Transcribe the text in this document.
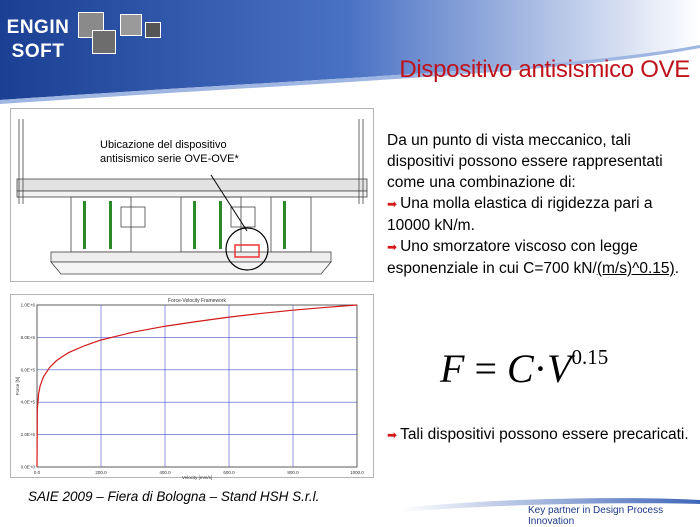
ENGIN
SOFT
Dispositivo antisismico OVE
Ubicazione del dispositivo
antisismico serie OVE-OVE*
0.0	200.0	400.0	600.0	800.0	1000.0
0.0E+0
2.0E+5
4.0E+5
6.0E+5
8.0E+5
1.0E+6
Force-Velocity Framework
Velocity [mm/s]
Force [N]

Da un punto di vista meccanico, tali dispositivi possono essere rappresentati come una combinazione di:

➡ Una molla elastica di rigidezza pari a 10000 kN/m.

➡ Uno smorzatore viscoso con legge esponenziale in cui C=700 kN/(m/s)^0.15).

$F = C\cdot V^{0.15}$
➡ Tali dispositivi possono essere precaricati.
SAIE 2009 – Fiera di Bologna – Stand HSH S.r.l.
Key partner in Design Process Innovation
